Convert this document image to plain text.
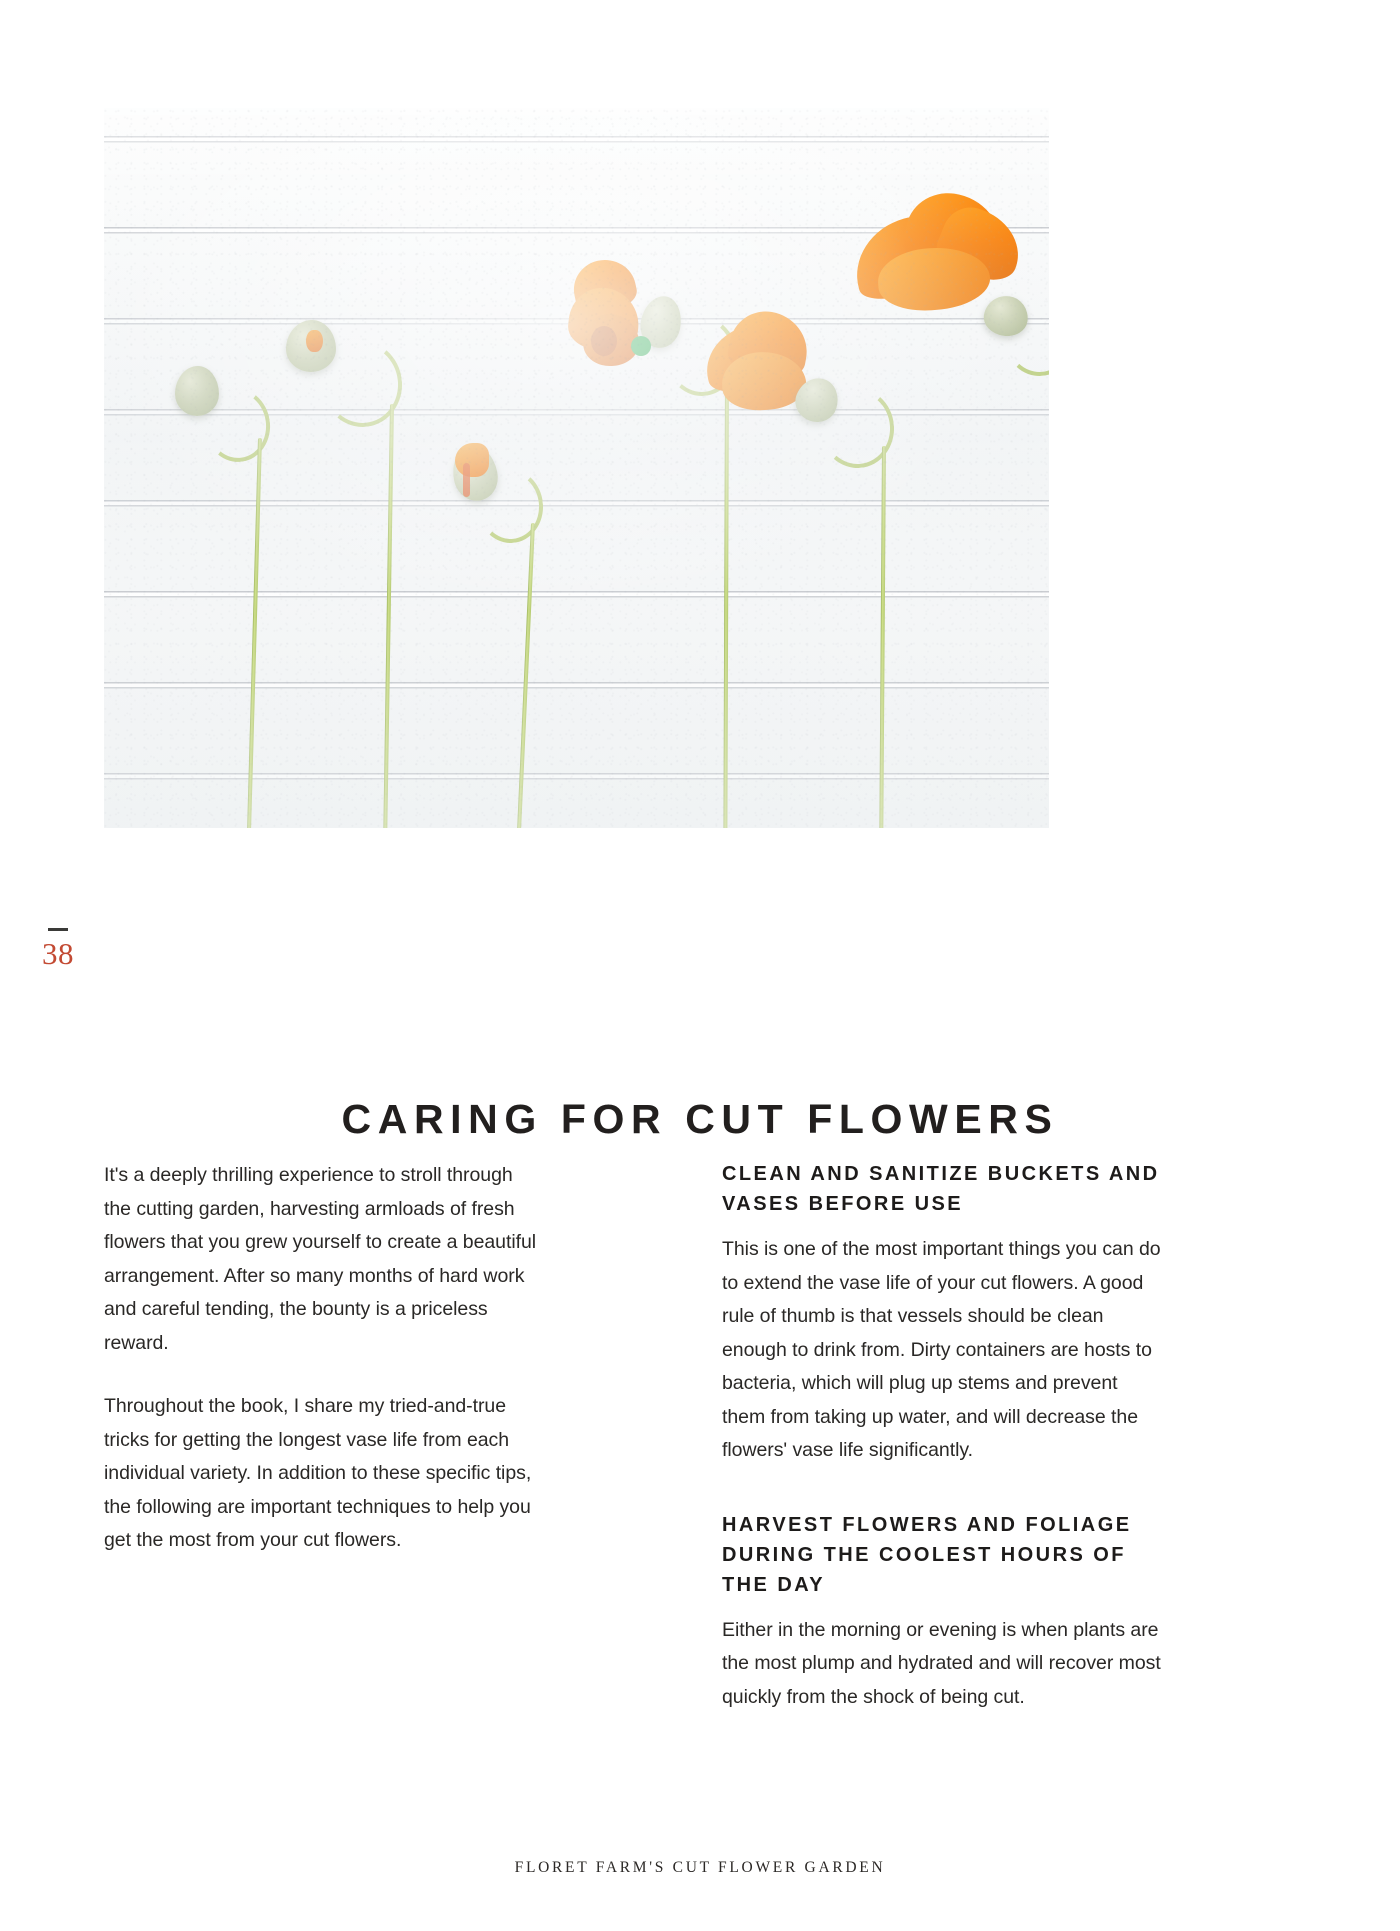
38
CARING FOR CUT FLOWERS

It's a deeply thrilling experience to stroll through the cutting garden, harvesting armloads of fresh flowers that you grew yourself to create a beautiful arrangement. After so many months of hard work and careful tending, the bounty is a priceless reward.

Throughout the book, I share my tried-and-true tricks for getting the longest vase life from each individual variety. In addition to these specific tips, the following are important techniques to help you get the most from your cut flowers.

CLEAN AND SANITIZE BUCKETS AND VASES BEFORE USE

This is one of the most important things you can do to extend the vase life of your cut flowers. A good rule of thumb is that vessels should be clean enough to drink from. Dirty containers are hosts to bacteria, which will plug up stems and prevent them from taking up water, and will decrease the flowers' vase life significantly.

HARVEST FLOWERS AND FOLIAGE DURING THE COOLEST HOURS OF THE DAY

Either in the morning or evening is when plants are the most plump and hydrated and will recover most quickly from the shock of being cut.

FLORET FARM'S CUT FLOWER GARDEN
